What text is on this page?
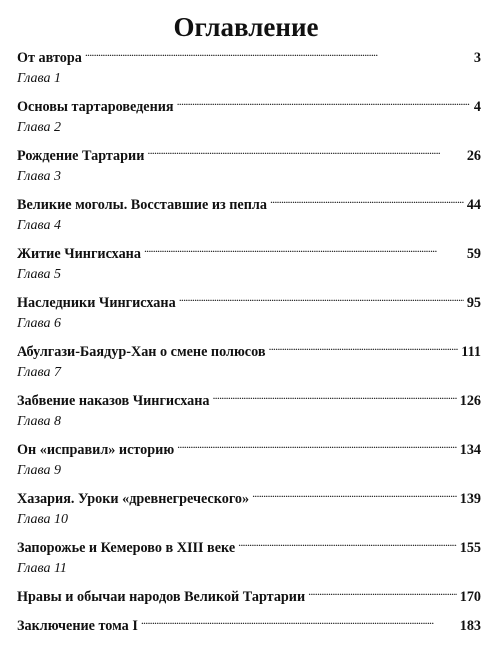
Оглавление
От автора . . .	3
Глава 1
Основы тартароведения . . .	4
Глава 2
Рождение Тартарии . . .	26
Глава 3
Великие моголы. Восставшие из пепла . . .	44
Глава 4
Житие Чингисхана . . .	59
Глава 5
Наследники Чингисхана . . .	95
Глава 6
Абулгази-Баядур-Хан о смене полюсов . . .	111
Глава 7
Забвение наказов Чингисхана . . .	126
Глава 8
Он «исправил» историю . . .	134
Глава 9
Хазария. Уроки «древнегреческого» . . .	139
Глава 10
Запорожье и Кемерово в XIII веке . . .	155
Глава 11
Нравы и обычаи народов Великой Тартарии . . .	170
Заключение тома I . . .	183
